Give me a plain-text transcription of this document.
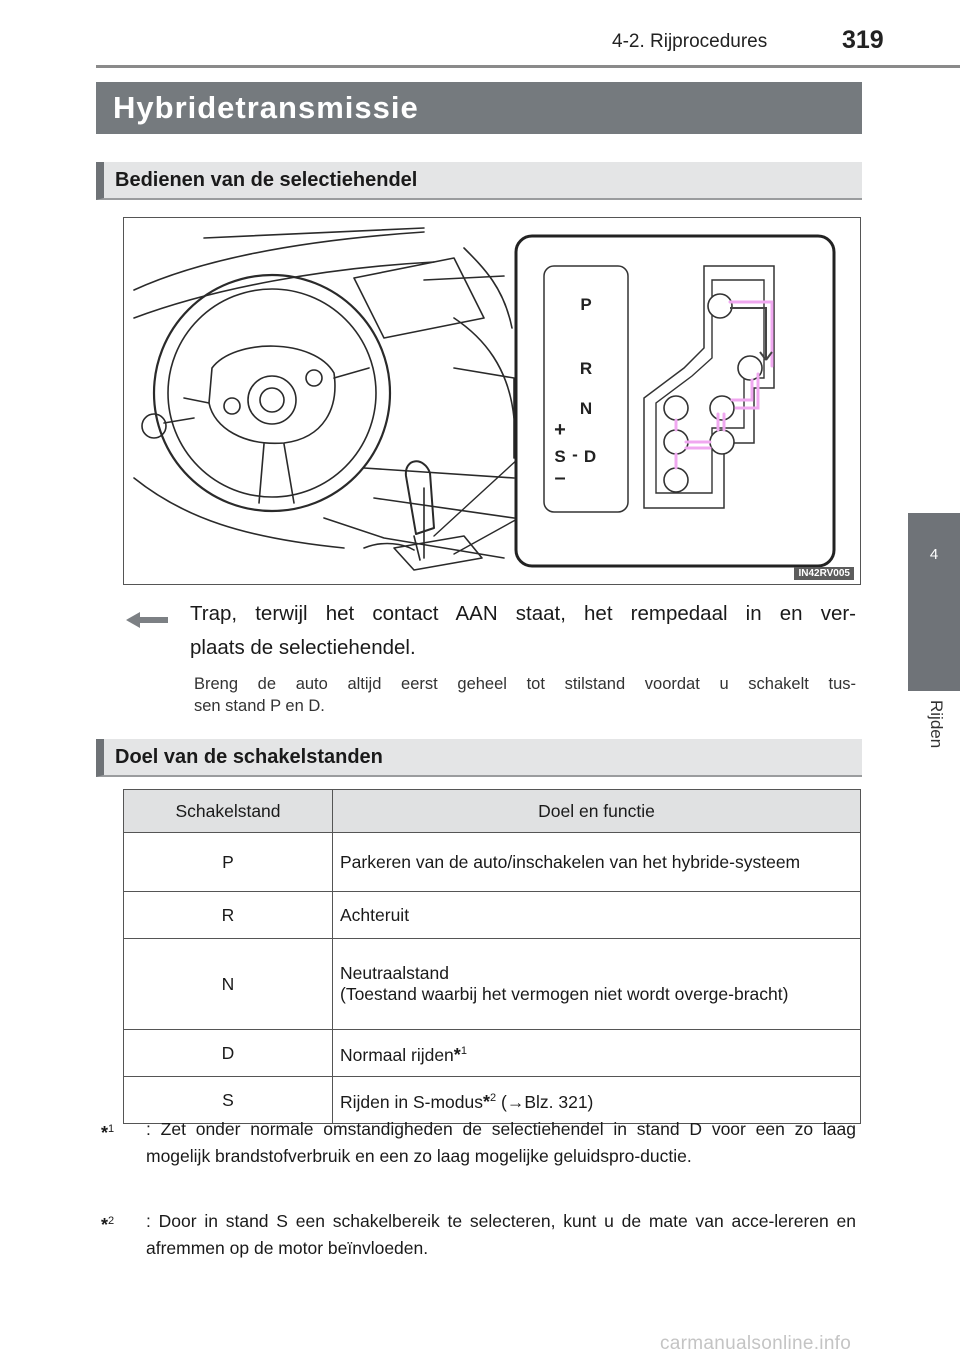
4-2. Rijprocedures	319
4
Rijden
Hybridetransmissie
Bedienen van de selectiehendel
P
R
N
+
S - D
–
IN42RV005
Trap, terwijl het contact AAN staat, het rempedaal in en ver-
plaats de selectiehendel.
Breng de auto altijd eerst geheel tot stilstand voordat u schakelt tus-
sen stand P en D.
Doel van de schakelstanden
Schakelstand	Doel en functie
P	Parkeren van de auto/inschakelen van het hybride-systeem
R	Achteruit
N	Neutraalstand
(Toestand waarbij het vermogen niet wordt overge-bracht)

D	Normaal rijden*$^1$
S	Rijden in S-modus*$^2$ (→Blz. 321)
*$^1$ : Zet onder normale omstandigheden de selectiehendel in stand D voor een zo laag mogelijk brandstofverbruik en een zo laag mogelijke geluidspro-ductie.
*$^2$ : Door in stand S een schakelbereik te selecteren, kunt u de mate van acce-lereren en afremmen op de motor beïnvloeden.
carmanualsonline.info
